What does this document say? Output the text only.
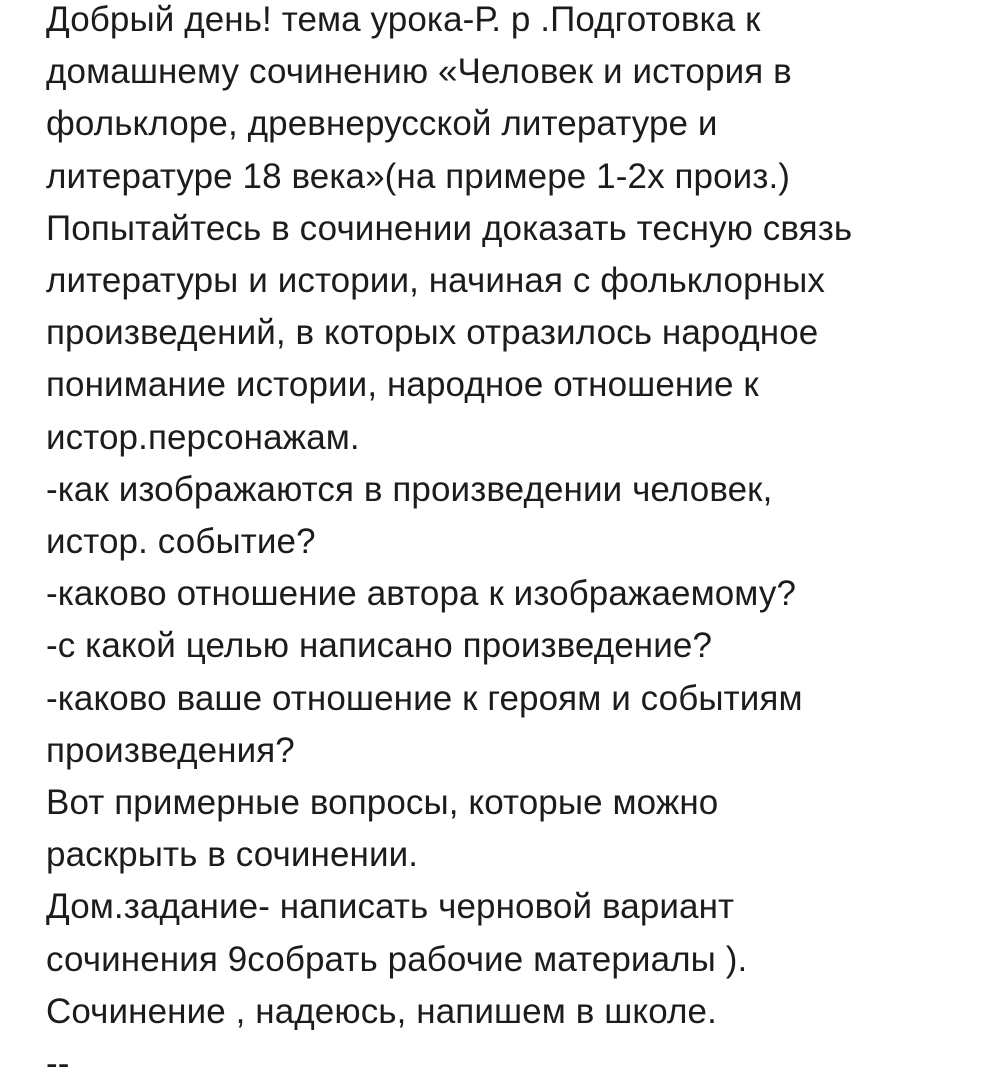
Добрый день! тема урока-Р. р .Подготовка к
домашнему сочинению «Человек и история в
фольклоре, древнерусской литературе и
литературе 18 века»(на примере 1-2х произ.)
Попытайтесь в сочинении доказать тесную связь
литературы и истории, начиная с фольклорных
произведений, в которых отразилось народное
понимание истории, народное отношение к
истор.персонажам.
-как изображаются в произведении человек,
истор. событие?
-каково отношение автора к изображаемому?
-с какой целью написано произведение?
-каково ваше отношение к героям и событиям
произведения?
Вот примерные вопросы, которые можно
раскрыть в сочинении.
Дом.задание- написать черновой вариант
сочинения 9собрать рабочие материалы ).
Сочинение , надеюсь, напишем в школе.
--
